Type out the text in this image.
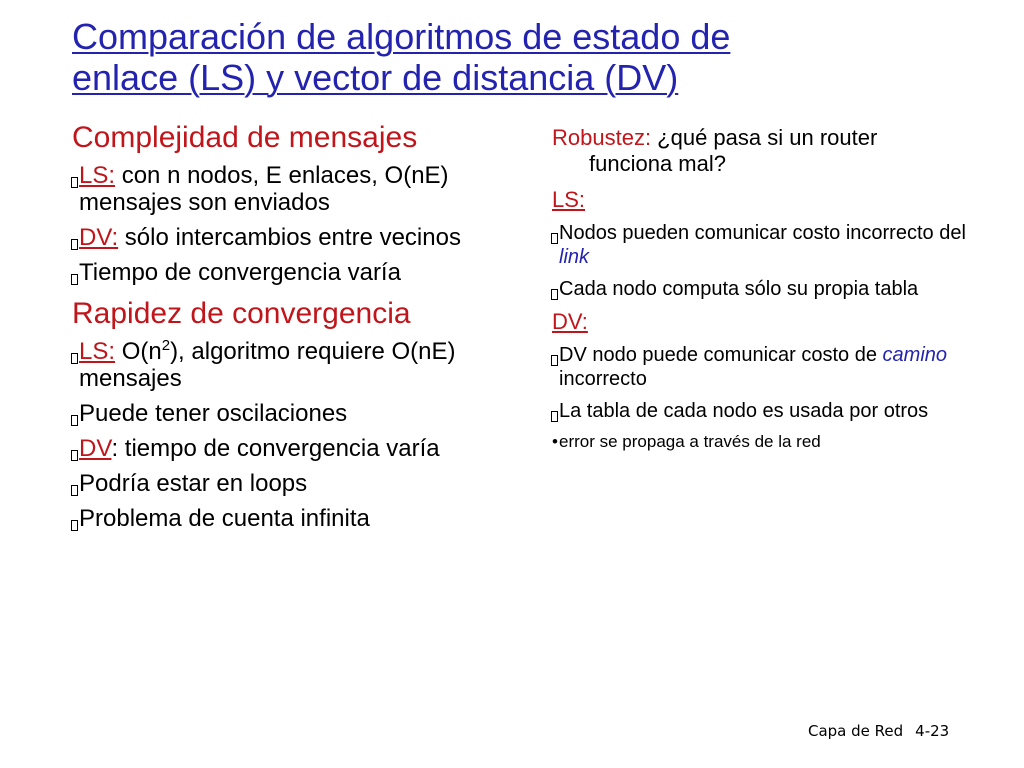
Comparación de algoritmos de estado de
enlace (LS) y vector de distancia (DV)
Complejidad de mensajes
LS: con n nodos, E enlaces, O(nE) mensajes son enviados
DV: sólo intercambios entre vecinos
Tiempo de convergencia varía
Rapidez de convergencia
LS: $O(n^2)$, algoritmo requiere O(nE) mensajes
Puede tener oscilaciones
DV: tiempo de convergencia varía
Podría estar en loops
Problema de cuenta infinita
Robustez: ¿qué pasa si un router
funciona mal?
LS:
Nodos pueden comunicar costo incorrecto del link
Cada nodo computa sólo su propia tabla
DV:
DV nodo puede comunicar costo de camino incorrecto
La tabla de cada nodo es usada por otros
•error se propaga a través de la red
Capa de Red 4-23
